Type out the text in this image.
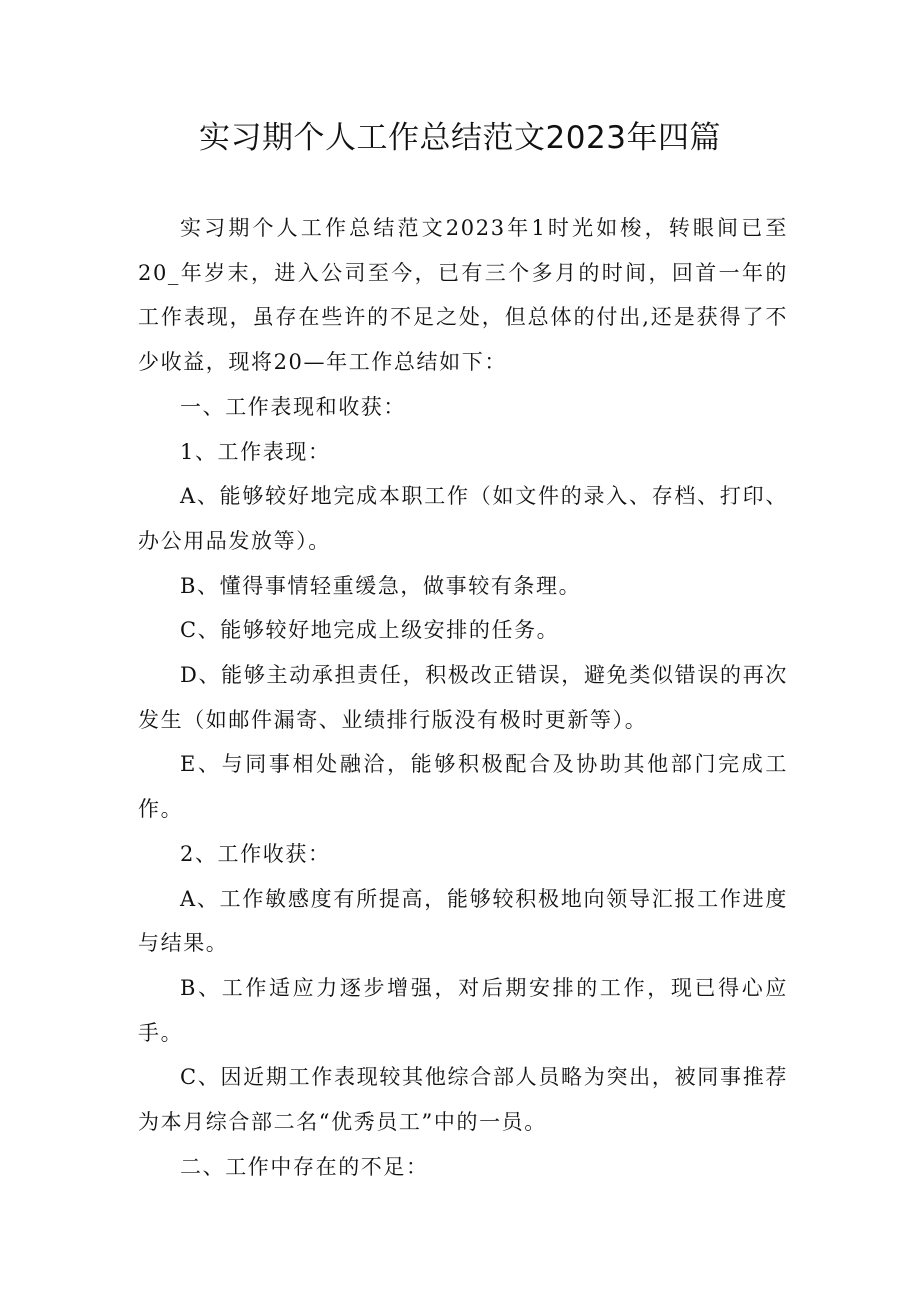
实习期个人工作总结范文2023年四篇

实习期个人工作总结范文2023年1时光如梭，转眼间已至20_年岁末，进入公司至今，已有三个多月的时间，回首一年的工作表现，虽存在些许的不足之处，但总体的付出,还是获得了不少收益，现将20—年工作总结如下：

一、工作表现和收获：

1、工作表现：

A、能够较好地完成本职工作（如文件的录入、存档、打印、办公用品发放等）。

B、懂得事情轻重缓急，做事较有条理。

C、能够较好地完成上级安排的任务。

D、能够主动承担责任，积极改正错误，避免类似错误的再次发生（如邮件漏寄、业绩排行版没有极时更新等）。

E、与同事相处融洽，能够积极配合及协助其他部门完成工作。

2、工作收获：

A、工作敏感度有所提高，能够较积极地向领导汇报工作进度与结果。

B、工作适应力逐步增强，对后期安排的工作，现已得心应手。

C、因近期工作表现较其他综合部人员略为突出，被同事推荐为本月综合部二名“优秀员工”中的一员。

二、工作中存在的不足：
